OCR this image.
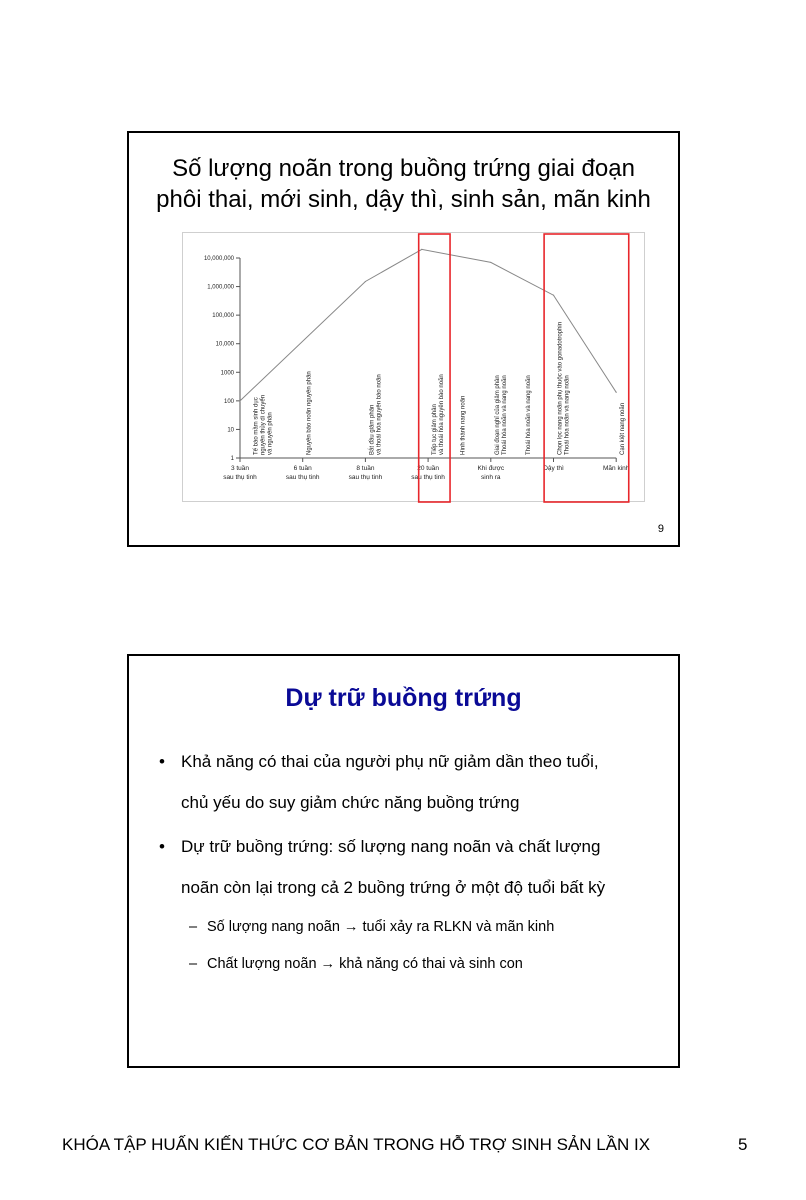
Số lượng noãn trong buồng trứng giai đoạn
phôi thai, mới sinh, dậy thì, sinh sản, mãn kinh
1
10
100
1000
10,000
100,000
1,000,000
10,000,000
3 tuần
sau thụ tinh
6 tuần
sau thụ tinh
8 tuần
sau thụ tinh
20 tuần
sau thụ tinh
Khi được
sinh ra
Dậy thì	Mãn kinh
Tế bào mầm sinh dục nguyên thủy di chuyển và nguyên phân	Nguyên bào noãn nguyên phân	Bắt đầu giảm phân và thoái hóa nguyên bào noãn	Tiếp tục giảm phân và thoái hóa nguyên bào noãn	Hình thành nang noãn	Giai đoạn nghỉ của giảm phân Thoái hóa noãn và nang noãn	Thoái hóa noãn và nang noãn	Chọn lọc nang noãn phụ thuộc vào gonadotrophin Thoái hóa noãn và nang noãn	Cạn kiệt nang noãn
9
Dự trữ buồng trứng
• Khả năng có thai của người phụ nữ giảm dần theo tuổi,
chủ yếu do suy giảm chức năng buồng trứng
• Dự trữ buồng trứng: số lượng nang noãn và chất lượng
noãn còn lại trong cả 2 buồng trứng ở một độ tuổi bất kỳ
– Số lượng nang noãn → tuổi xảy ra RLKN và mãn kinh
– Chất lượng noãn → khả năng có thai và sinh con
KHÓA TẬP HUẤN KIẾN THỨC CƠ BẢN TRONG HỖ TRỢ SINH SẢN LẦN IX	5
